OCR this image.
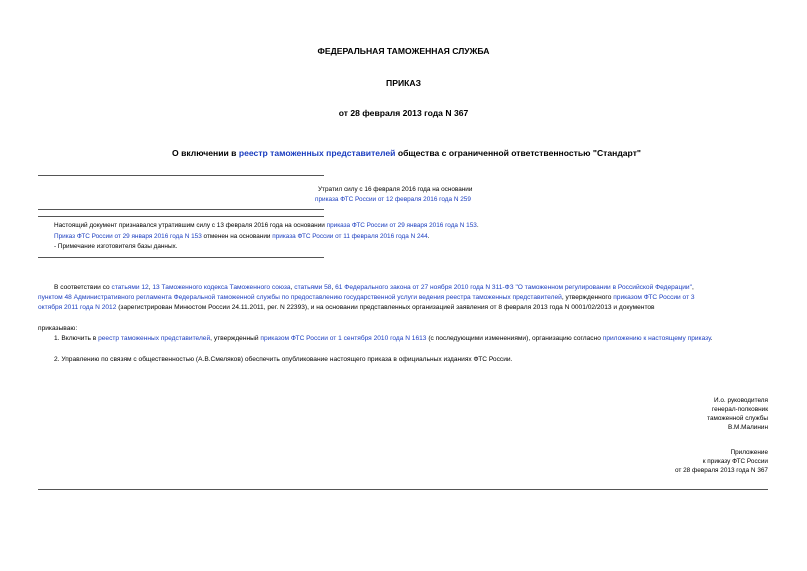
ФЕДЕРАЛЬНАЯ ТАМОЖЕННАЯ СЛУЖБА
ПРИКАЗ
от 28 февраля 2013 года N 367
О включении в реестр таможенных представителей общества с ограниченной ответственностью "Стандарт"
Утратил силу с 16 февраля 2016 года на основании
приказа ФТС России от 12 февраля 2016 года N 259
Настоящий документ признавался утратившим силу с 13 февраля 2016 года на основании приказа ФТС России от 29 января 2016 года N 153.
Приказ ФТС России от 29 января 2016 года N 153 отменен на основании приказа ФТС России от 11 февраля 2016 года N 244.
- Примечание изготовителя базы данных.
В соответствии со статьями 12, 13 Таможенного кодекса Таможенного союза, статьями 58, 61 Федерального закона от 27 ноября 2010 года N 311-ФЗ "О таможенном регулировании в Российской Федерации",
пунктом 48 Административного регламента Федеральной таможенной службы по предоставлению государственной услуги ведения реестра таможенных представителей, утвержденного приказом ФТС России от 3
октября 2011 года N 2012 (зарегистрирован Минюстом России 24.11.2011, рег. N 22393), и на основании представленных организацией заявления от 8 февраля 2013 года N 0001/02/2013 и документов
приказываю:
1. Включить в реестр таможенных представителей, утвержденный приказом ФТС России от 1 сентября 2010 года N 1613 (с последующими изменениями), организацию согласно приложению к настоящему приказу.
2. Управлению по связям с общественностью (А.В.Смеляков) обеспечить опубликование настоящего приказа в официальных изданиях ФТС России.
И.о. руководителя
генерал-полковник
таможенной службы
В.М.Малинин
Приложение
к приказу ФТС России
от 28 февраля 2013 года N 367
